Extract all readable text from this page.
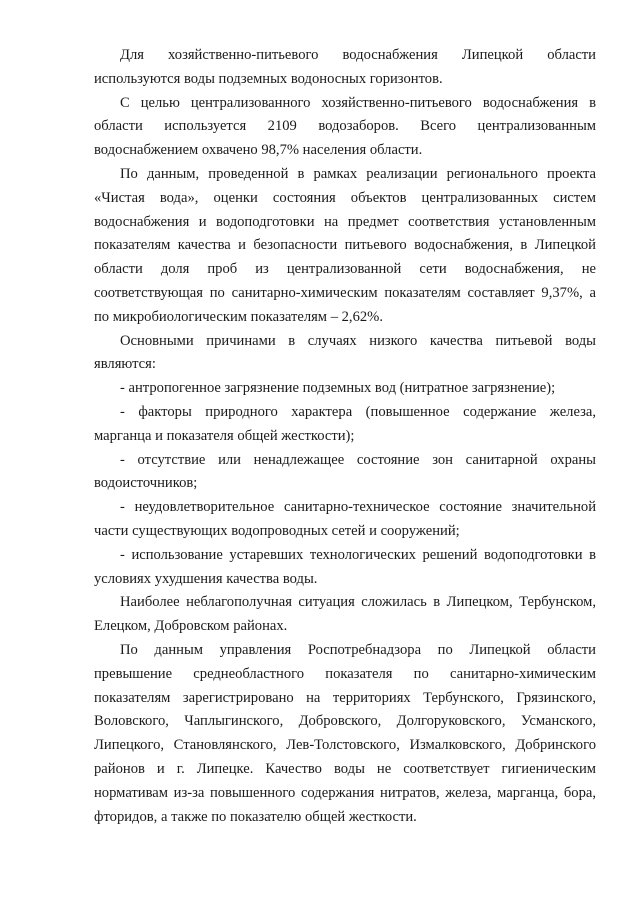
Для хозяйственно-питьевого водоснабжения Липецкой области используются воды подземных водоносных горизонтов.

С целью централизованного хозяйственно-питьевого водоснабжения в области используется 2109 водозаборов. Всего централизованным водоснабжением охвачено 98,7% населения области.

По данным, проведенной в рамках реализации регионального проекта «Чистая вода», оценки состояния объектов централизованных систем водоснабжения и водоподготовки на предмет соответствия установленным показателям качества и безопасности питьевого водоснабжения, в Липецкой области доля проб из централизованной сети водоснабжения, не соответствующая по санитарно-химическим показателям составляет 9,37%, а по микробиологическим показателям – 2,62%.

Основными причинами в случаях низкого качества питьевой воды являются:

- антропогенное загрязнение подземных вод (нитратное загрязнение);

- факторы природного характера (повышенное содержание железа, марганца и показателя общей жесткости);

- отсутствие или ненадлежащее состояние зон санитарной охраны водоисточников;

- неудовлетворительное санитарно-техническое состояние значительной части существующих водопроводных сетей и сооружений;

- использование устаревших технологических решений водоподготовки в условиях ухудшения качества воды.

Наиболее неблагополучная ситуация сложилась в Липецком, Тербунском, Елецком, Добровском районах.

По данным управления Роспотребнадзора по Липецкой области превышение среднеобластного показателя по санитарно-химическим показателям зарегистрировано на территориях Тербунского, Грязинского, Воловского, Чаплыгинского, Добровского, Долгоруковского, Усманского, Липецкого, Становлянского, Лев-Толстовского, Измалковского, Добринского районов и г. Липецке. Качество воды не соответствует гигиеническим нормативам из-за повышенного содержания нитратов, железа, марганца, бора, фторидов, а также по показателю общей жесткости.
